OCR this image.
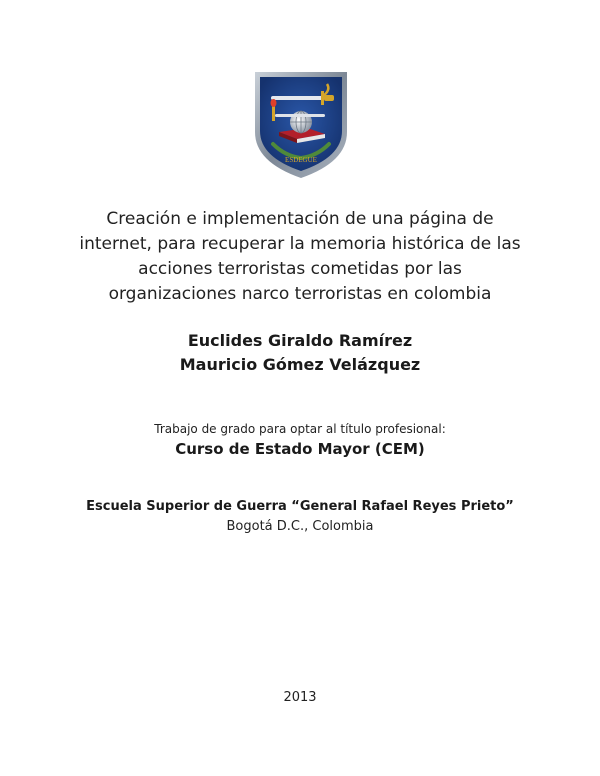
ESDEGUE
Creación e implementación de una página de
internet, para recuperar la memoria histórica de las
acciones terroristas cometidas por las
organizaciones narco terroristas en colombia
Euclides Giraldo Ramírez
Mauricio Gómez Velázquez
Trabajo de grado para optar al título profesional:
Curso de Estado Mayor (CEM)
Escuela Superior de Guerra “General Rafael Reyes Prieto”
Bogotá D.C., Colombia
2013
